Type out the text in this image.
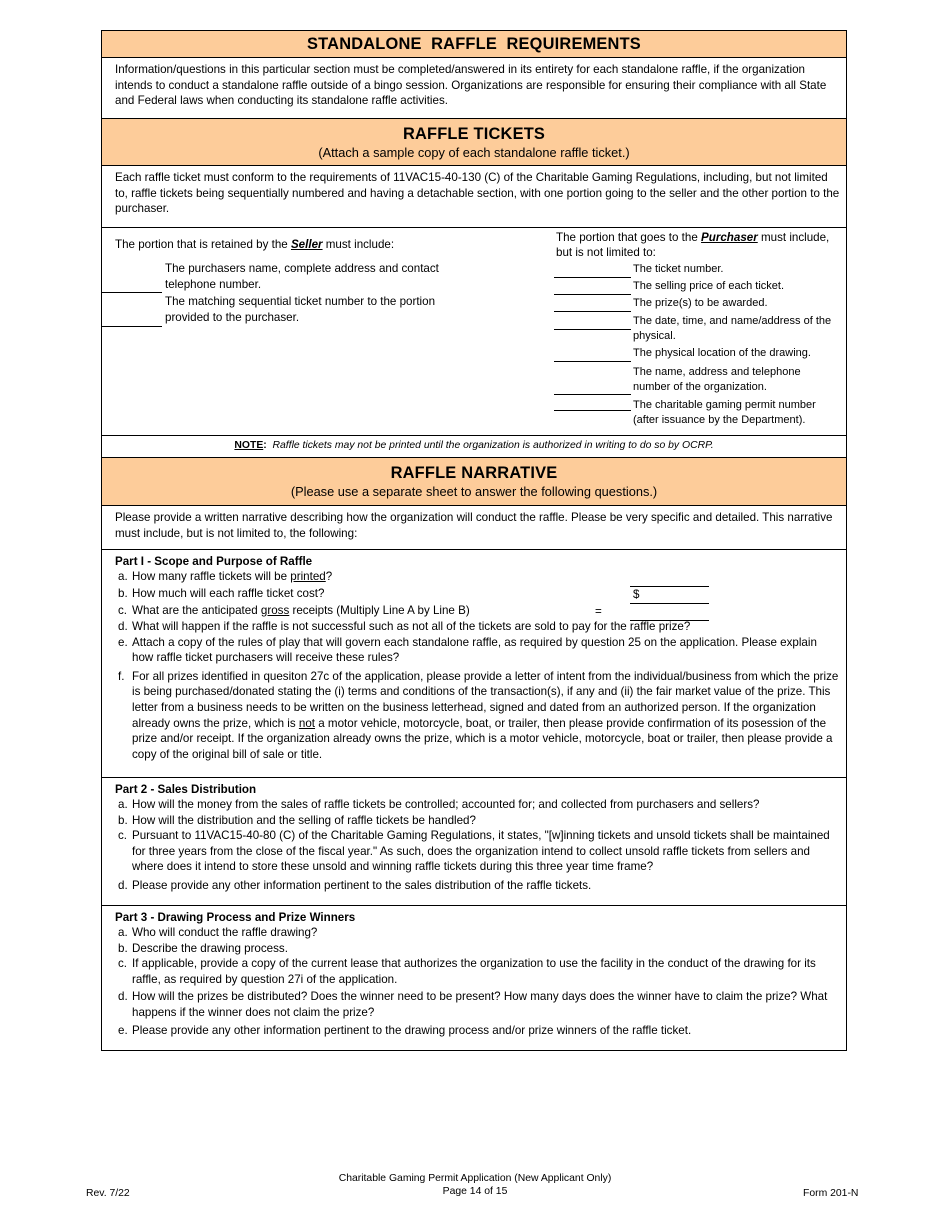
STANDALONE  RAFFLE  REQUIREMENTS
Information/questions in this particular section must be completed/answered in its entirety for each standalone raffle, if the organization intends to conduct a standalone raffle outside of a bingo session. Organizations are responsible for ensuring their compliance with all State and Federal laws when conducting its standalone raffle activities.
RAFFLE TICKETS
(Attach a sample copy of each standalone raffle ticket.)
Each raffle ticket must conform to the requirements of 11VAC15-40-130 (C) of the Charitable Gaming Regulations, including, but not limited to, raffle tickets being sequentially numbered and having a detachable section, with one portion going to the seller and the other portion to the purchaser.
The portion that is retained by the Seller must include:
The purchasers name, complete address and contact telephone number.
The matching sequential ticket number to the portion provided to the purchaser.
The portion that goes to the Purchaser must include, but is not limited to:
The ticket number.
The selling price of each ticket.
The prize(s) to be awarded.
The date, time, and name/address of the physical.
The physical location of the drawing.
The name, address and telephone number of the organization.
The charitable gaming permit number (after issuance by the Department).
NOTE: Raffle tickets may not be printed until the organization is authorized in writing to do so by OCRP.
RAFFLE NARRATIVE
(Please use a separate sheet to answer the following questions.)
Please provide a written narrative describing how the organization will conduct the raffle. Please be very specific and detailed. This narrative must include, but is not limited to, the following:
Part I - Scope and Purpose of Raffle
a. How many raffle tickets will be printed?
b. How much will each raffle ticket cost?
c. What are the anticipated gross receipts (Multiply Line A by Line B)
d. What will happen if the raffle is not successful such as not all of the tickets are sold to pay for the raffle prize?
e. Attach a copy of the rules of play that will govern each standalone raffle, as required by question 25 on the application. Please explain how raffle ticket purchasers will receive these rules?
f. For all prizes identified in quesiton 27c of the application, please provide a letter of intent from the individual/business from which the prize is being purchased/donated stating the (i) terms and conditions of the transaction(s), if any and (ii) the fair market value of the prize. This letter from a business needs to be written on the business letterhead, signed and dated from an authorized person. If the organization already owns the prize, which is not a motor vehicle, motorcycle, boat, or trailer, then please provide confirmation of its posession of the prize and/or receipt. If the organization already owns the prize, which is a motor vehicle, motorcycle, boat or trailer, then please provide a copy of the original bill of sale or title.
$
=
Part 2 - Sales Distribution
a. How will the money from the sales of raffle tickets be controlled; accounted for; and collected from purchasers and sellers?
b. How will the distribution and the selling of raffle tickets be handled?
c. Pursuant to 11VAC15-40-80 (C) of the Charitable Gaming Regulations, it states, "[w]inning tickets and unsold tickets shall be maintained for three years from the close of the fiscal year." As such, does the organization intend to collect unsold raffle tickets from sellers and where does it intend to store these unsold and winning raffle tickets during this three year time frame?
d. Please provide any other information pertinent to the sales distribution of the raffle tickets.
Part 3 - Drawing Process and Prize Winners
a. Who will conduct the raffle drawing?
b. Describe the drawing process.
c. If applicable, provide a copy of the current lease that authorizes the organization to use the facility in the conduct of the drawing for its raffle, as required by question 27i of the application.
d. How will the prizes be distributed? Does the winner need to be present? How many days does the winner have to claim the prize? What happens if the winner does not claim the prize?
e. Please provide any other information pertinent to the drawing process and/or prize winners of the raffle ticket.
Rev. 7/22
Charitable Gaming Permit Application (New Applicant Only)
Page 14 of 15	Form 201-N
